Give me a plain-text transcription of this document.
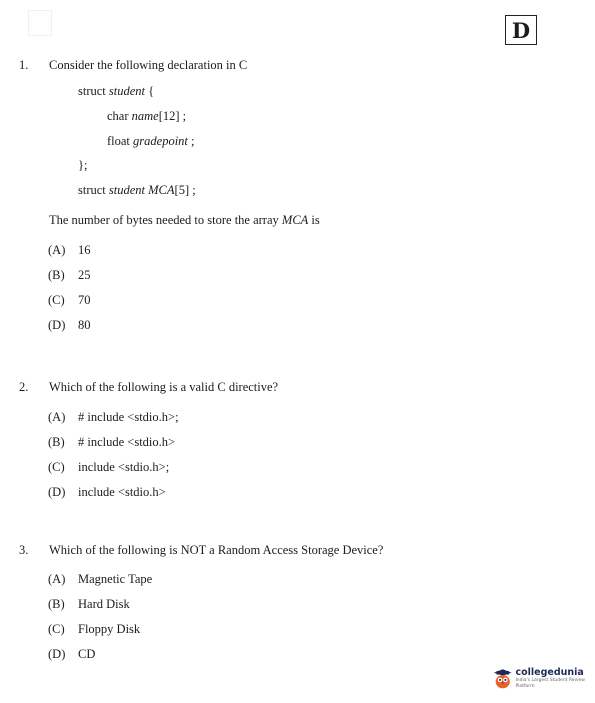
D
1. Consider the following declaration in C
struct student {
char name[12] ;
float gradepoint ;
};
struct student MCA[5] ;
The number of bytes needed to store the array MCA is
(A) 16
(B) 25
(C) 70
(D) 80
2. Which of the following is a valid C directive?
(A) # include <stdio.h>;
(B) # include <stdio.h>
(C) include <stdio.h>;
(D) include <stdio.h>
3. Which of the following is NOT a Random Access Storage Device?
(A) Magnetic Tape
(B) Hard Disk
(C) Floppy Disk
(D) CD
collegedunia
India's Largest Student Review Platform
